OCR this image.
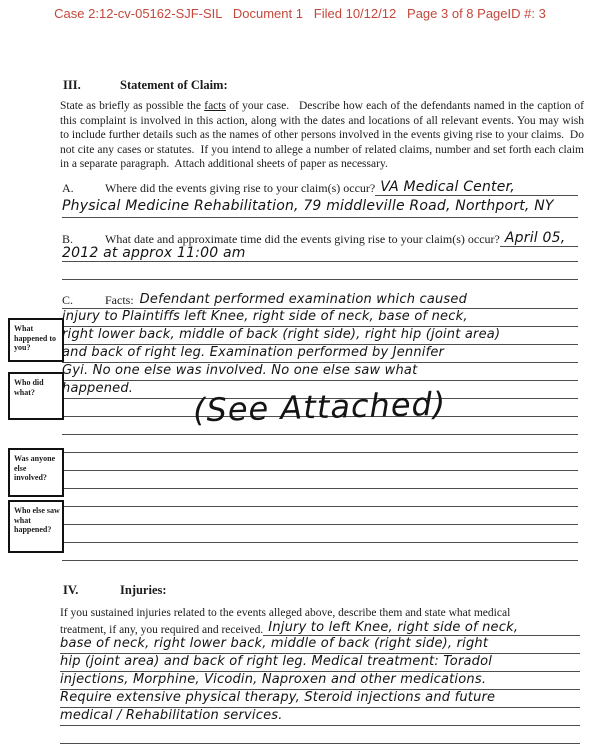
Case 2:12-cv-05162-SJF-SIL   Document 1   Filed 10/12/12   Page 3 of 8 PageID #: 3
III.	Statement of Claim:
State as briefly as possible the facts of your case.   Describe how each of the defendants named in the caption of this complaint is involved in this action, along with the dates and locations of all relevant events. You may wish to include further details such as the names of other persons involved in the events giving rise to your claims.  Do not cite any cases or statutes.  If you intend to allege a number of related claims, number and set forth each claim in a separate paragraph.  Attach additional sheets of paper as necessary.
A.	Where did the events giving rise to your claim(s) occur? VA Medical Center,
Physical Medicine Rehabilitation, 79 middleville Road, Northport, NY
B.	What date and approximate time did the events giving rise to your claim(s) occur? April 05,
2012 at approx 11:00 am
C.	Facts: Defendant performed examination which caused
injury to Plaintiffs left Knee, right side of neck, base of neck,
right lower back, middle of back (right side), right hip (joint area)
and back of right leg. Examination performed by Jennifer
Gyi. No one else was involved. No one else saw what
happened.	(See Attached)
What happened to you?
Who did what?
Was anyone else involved?
Who else saw what happened?
IV.	Injuries:
If you sustained injuries related to the events alleged above, describe them and state what medical
treatment, if any, you required and received. Injury to left Knee, right side of neck,
base of neck, right lower back, middle of back (right side), right
hip (joint area) and back of right leg. Medical treatment: Toradol
injections, Morphine, Vicodin, Naproxen and other medications.
Require extensive physical therapy, Steroid injections and future
medical / Rehabilitation services.
